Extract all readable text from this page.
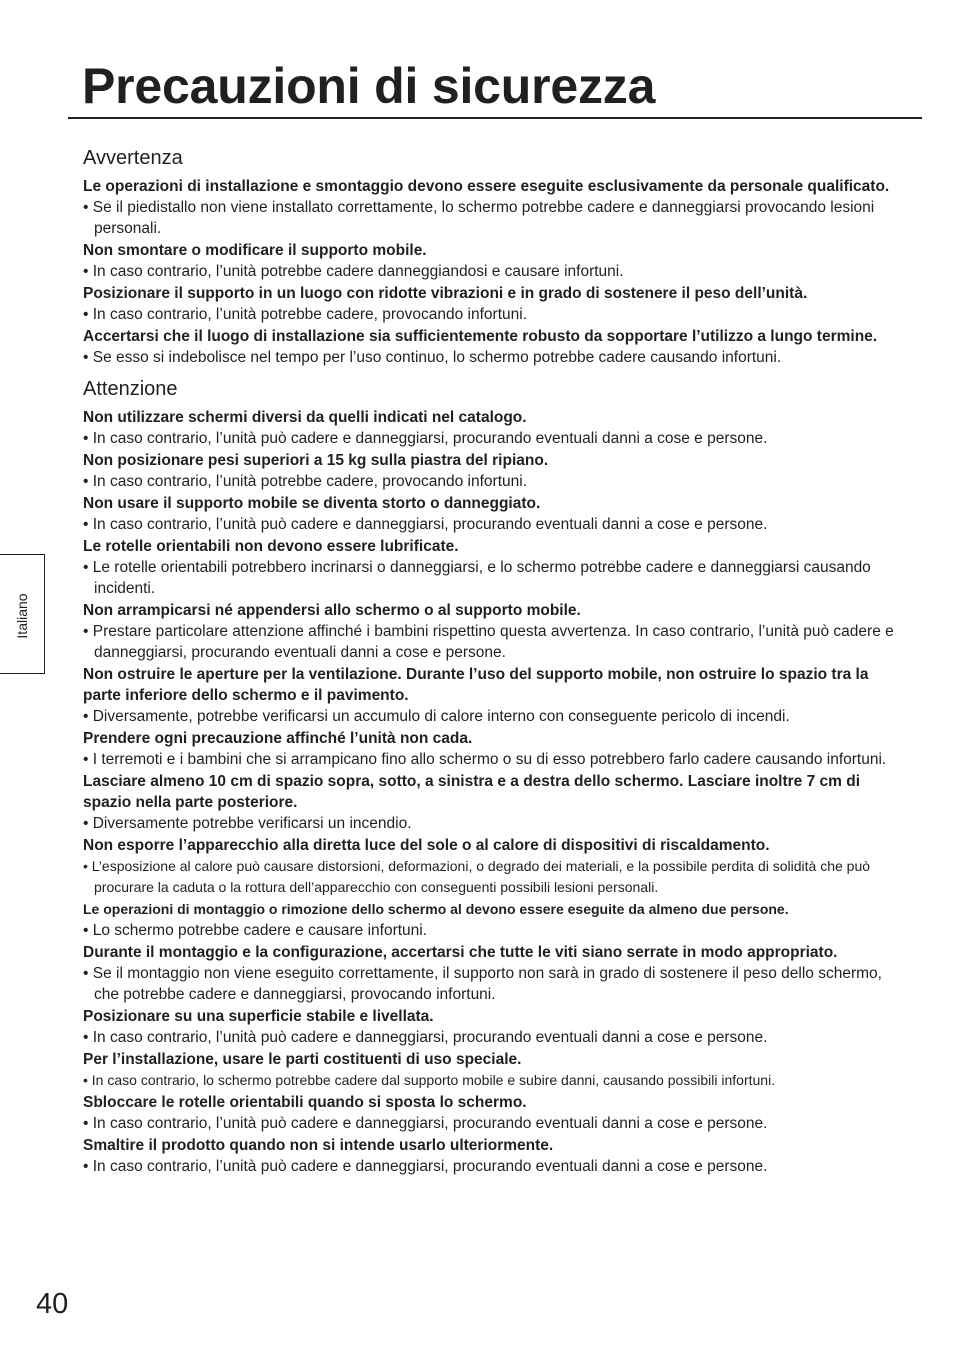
Precauzioni di sicurezza
Avvertenza

Le operazioni di installazione e smontaggio devono essere eseguite esclusivamente da personale qualificato.

• Se il piedistallo non viene installato correttamente, lo schermo potrebbe cadere e danneggiarsi provocando lesioni personali.

Non smontare o modificare il supporto mobile.

• In caso contrario, l’unità potrebbe cadere danneggiandosi e causare infortuni.

Posizionare il supporto in un luogo con ridotte vibrazioni e in grado di sostenere il peso dell’unità.

• In caso contrario, l’unità potrebbe cadere, provocando infortuni.

Accertarsi che il luogo di installazione sia sufficientemente robusto da sopportare l’utilizzo a lungo termine.

• Se esso si indebolisce nel tempo per l’uso continuo, lo schermo potrebbe cadere causando infortuni.

Attenzione

Non utilizzare schermi diversi da quelli indicati nel catalogo.

• In caso contrario, l’unità può cadere e danneggiarsi, procurando eventuali danni a cose e persone.

Non posizionare pesi superiori a 15 kg sulla piastra del ripiano.

• In caso contrario, l’unità potrebbe cadere, provocando infortuni.

Non usare il supporto mobile se diventa storto o danneggiato.

• In caso contrario, l’unità può cadere e danneggiarsi, procurando eventuali danni a cose e persone.

Le rotelle orientabili non devono essere lubrificate.

• Le rotelle orientabili potrebbero incrinarsi o danneggiarsi, e lo schermo potrebbe cadere e danneggiarsi causando incidenti.

Non arrampicarsi né appendersi allo schermo o al supporto mobile.

• Prestare particolare attenzione affinché i bambini rispettino questa avvertenza. In caso contrario, l’unità può cadere e danneggiarsi, procurando eventuali danni a cose e persone.

Non ostruire le aperture per la ventilazione. Durante l’uso del supporto mobile, non ostruire lo spazio tra la parte inferiore dello schermo e il pavimento.

• Diversamente, potrebbe verificarsi un accumulo di calore interno con conseguente pericolo di incendi.

Prendere ogni precauzione affinché l’unità non cada.

• I terremoti e i bambini che si arrampicano fino allo schermo o su di esso potrebbero farlo cadere causando infortuni.

Lasciare almeno 10 cm di spazio sopra, sotto, a sinistra e a destra dello schermo. Lasciare inoltre 7 cm di spazio nella parte posteriore.

• Diversamente potrebbe verificarsi un incendio.

Non esporre l’apparecchio alla diretta luce del sole o al calore di dispositivi di riscaldamento.

• L’esposizione al calore può causare distorsioni, deformazioni, o degrado dei materiali, e la possibile perdita di solidità che può procurare la caduta o la rottura dell’apparecchio con conseguenti possibili lesioni personali.

Le operazioni di montaggio o rimozione dello schermo al devono essere eseguite da almeno due persone.

• Lo schermo potrebbe cadere e causare infortuni.

Durante il montaggio e la configurazione, accertarsi che tutte le viti siano serrate in modo appropriato.

• Se il montaggio non viene eseguito correttamente, il supporto non sarà in grado di sostenere il peso dello schermo, che potrebbe cadere e danneggiarsi, provocando infortuni.

Posizionare su una superficie stabile e livellata.

• In caso contrario, l’unità può cadere e danneggiarsi, procurando eventuali danni a cose e persone.

Per l’installazione, usare le parti costituenti di uso speciale.

• In caso contrario, lo schermo potrebbe cadere dal supporto mobile e subire danni, causando possibili infortuni.

Sbloccare le rotelle orientabili quando si sposta lo schermo.

• In caso contrario, l’unità può cadere e danneggiarsi, procurando eventuali danni a cose e persone.

Smaltire il prodotto quando non si intende usarlo ulteriormente.

• In caso contrario, l’unità può cadere e danneggiarsi, procurando eventuali danni a cose e persone.

Italiano
40
